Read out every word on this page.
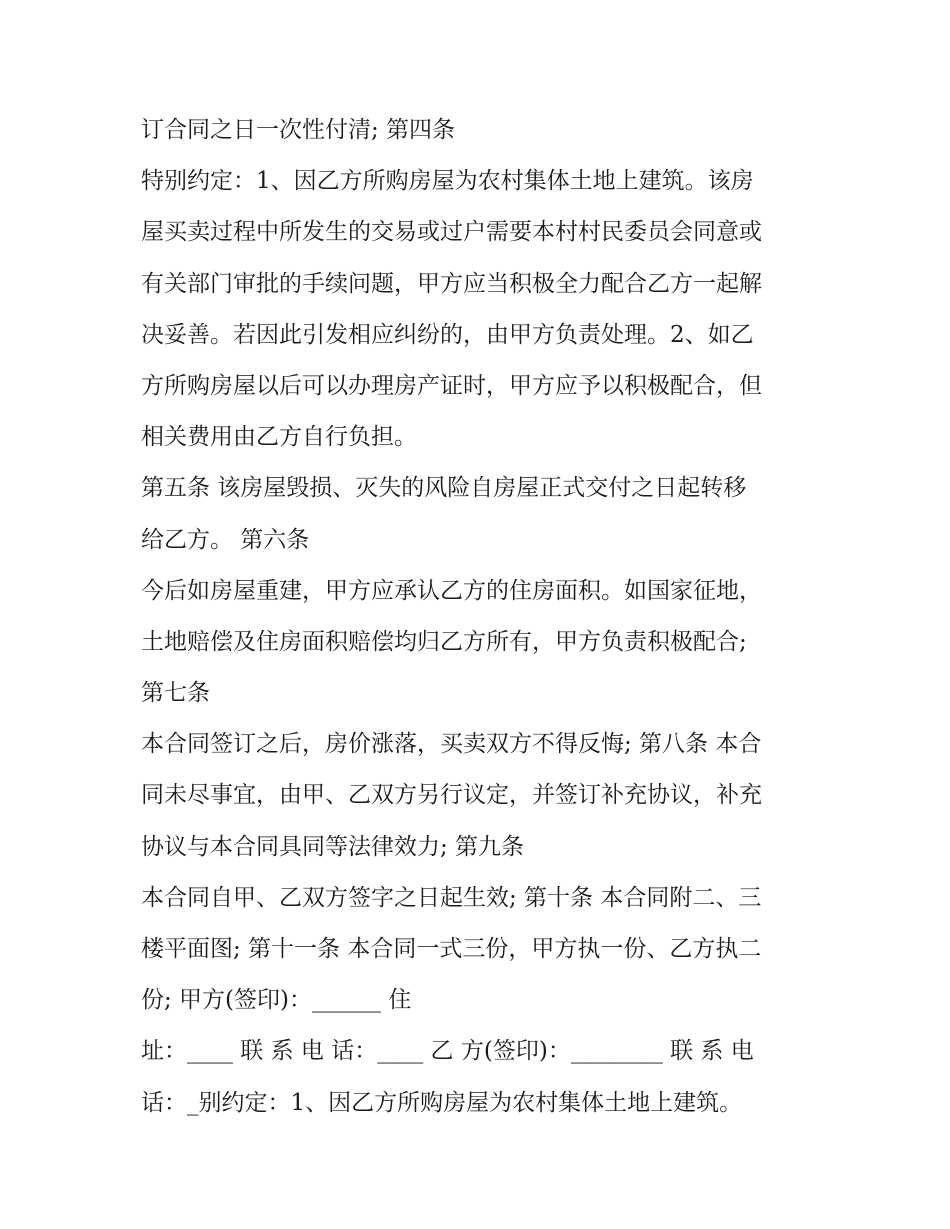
订合同之日一次性付清; 第四条
特别约定：1、因乙方所购房屋为农村集体土地上建筑。该房
屋买卖过程中所发生的交易或过户需要本村村民委员会同意或
有关部门审批的手续问题，甲方应当积极全力配合乙方一起解
决妥善。若因此引发相应纠纷的，由甲方负责处理。2、如乙
方所购房屋以后可以办理房产证时，甲方应予以积极配合，但
相关费用由乙方自行负担。
第五条 该房屋毁损、灭失的风险自房屋正式交付之日起转移
给乙方。 第六条
今后如房屋重建，甲方应承认乙方的住房面积。如国家征地，
土地赔偿及住房面积赔偿均归乙方所有，甲方负责积极配合;
第七条
本合同签订之后，房价涨落，买卖双方不得反悔; 第八条 本合
同未尽事宜，由甲、乙双方另行议定，并签订补充协议，补充
协议与本合同具同等法律效力; 第九条
本合同自甲、乙双方签字之日起生效; 第十条 本合同附二、三
楼平面图; 第十一条 本合同一式三份，甲方执一份、乙方执二
份; 甲方(签印)：______ 住
址：____ 联 系 电 话：____ 乙 方(签印)：________ 联 系 电
话：_别约定：1、因乙方所购房屋为农村集体土地上建筑。
